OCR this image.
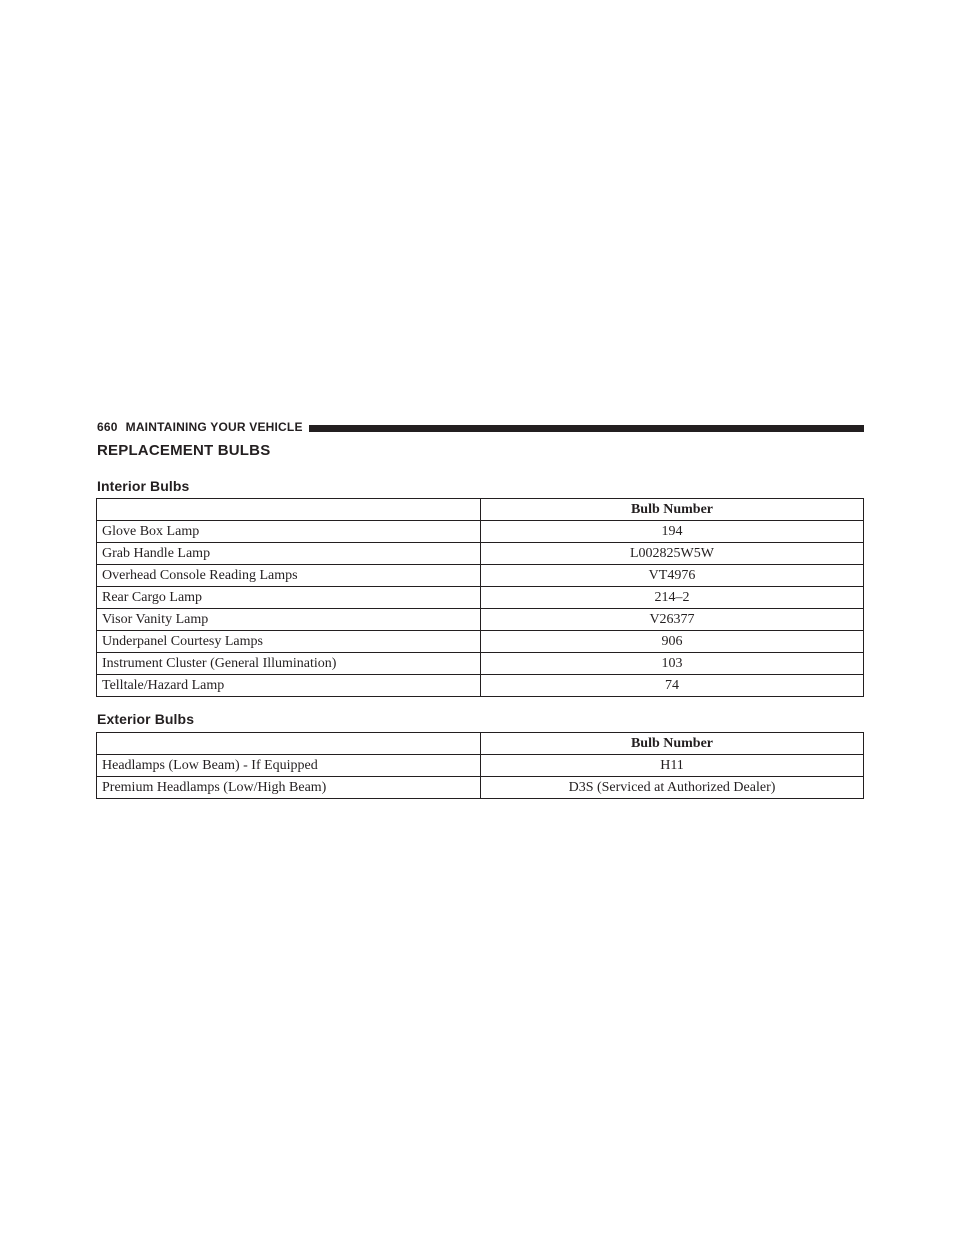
660 MAINTAINING YOUR VEHICLE
REPLACEMENT BULBS
Interior Bulbs
	Bulb Number
Glove Box Lamp	194
Grab Handle Lamp	L002825W5W
Overhead Console Reading Lamps	VT4976
Rear Cargo Lamp	214–2
Visor Vanity Lamp	V26377
Underpanel Courtesy Lamps	906
Instrument Cluster (General Illumination)	103
Telltale/Hazard Lamp	74
Exterior Bulbs
	Bulb Number
Headlamps (Low Beam) - If Equipped	H11
Premium Headlamps (Low/High Beam)	D3S (Serviced at Authorized Dealer)
